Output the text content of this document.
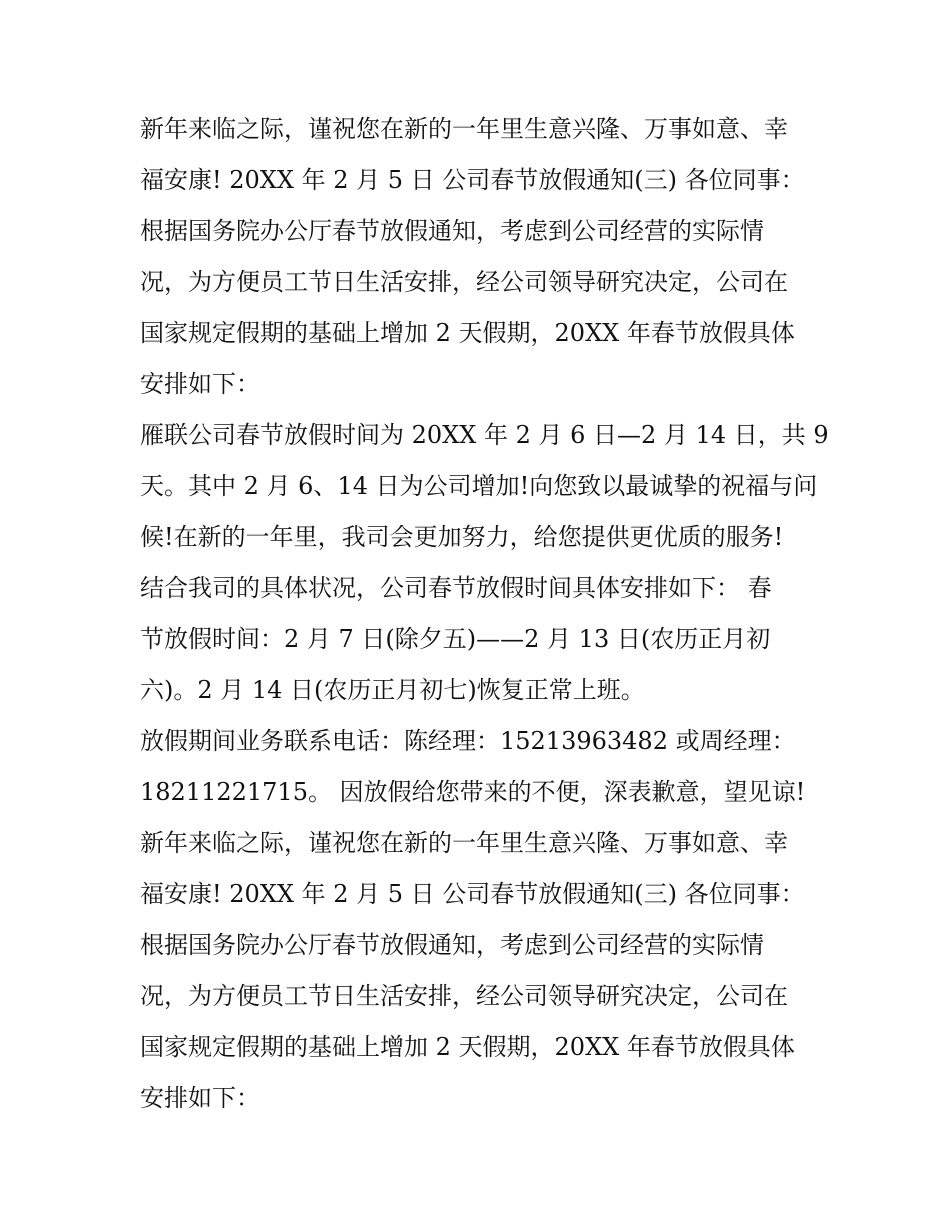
新年来临之际，谨祝您在新的一年里生意兴隆、万事如意、幸
福安康! 20XX 年 2 月 5 日 公司春节放假通知(三) 各位同事：
根据国务院办公厅春节放假通知，考虑到公司经营的实际情
况，为方便员工节日生活安排，经公司领导研究决定，公司在
国家规定假期的基础上增加 2 天假期，20XX 年春节放假具体
安排如下：
雁联公司春节放假时间为 20XX 年 2 月 6 日—2 月 14 日，共 9
天。其中 2 月 6、14 日为公司增加!向您致以最诚挚的祝福与问
候!在新的一年里，我司会更加努力，给您提供更优质的服务!
结合我司的具体状况，公司春节放假时间具体安排如下： 春
节放假时间：2 月 7 日(除夕五)——2 月 13 日(农历正月初
六)。2 月 14 日(农历正月初七)恢复正常上班。
放假期间业务联系电话：陈经理：15213963482 或周经理：
18211221715。 因放假给您带来的不便，深表歉意，望见谅!
新年来临之际，谨祝您在新的一年里生意兴隆、万事如意、幸
福安康! 20XX 年 2 月 5 日 公司春节放假通知(三) 各位同事：
根据国务院办公厅春节放假通知，考虑到公司经营的实际情
况，为方便员工节日生活安排，经公司领导研究决定，公司在
国家规定假期的基础上增加 2 天假期，20XX 年春节放假具体
安排如下：
